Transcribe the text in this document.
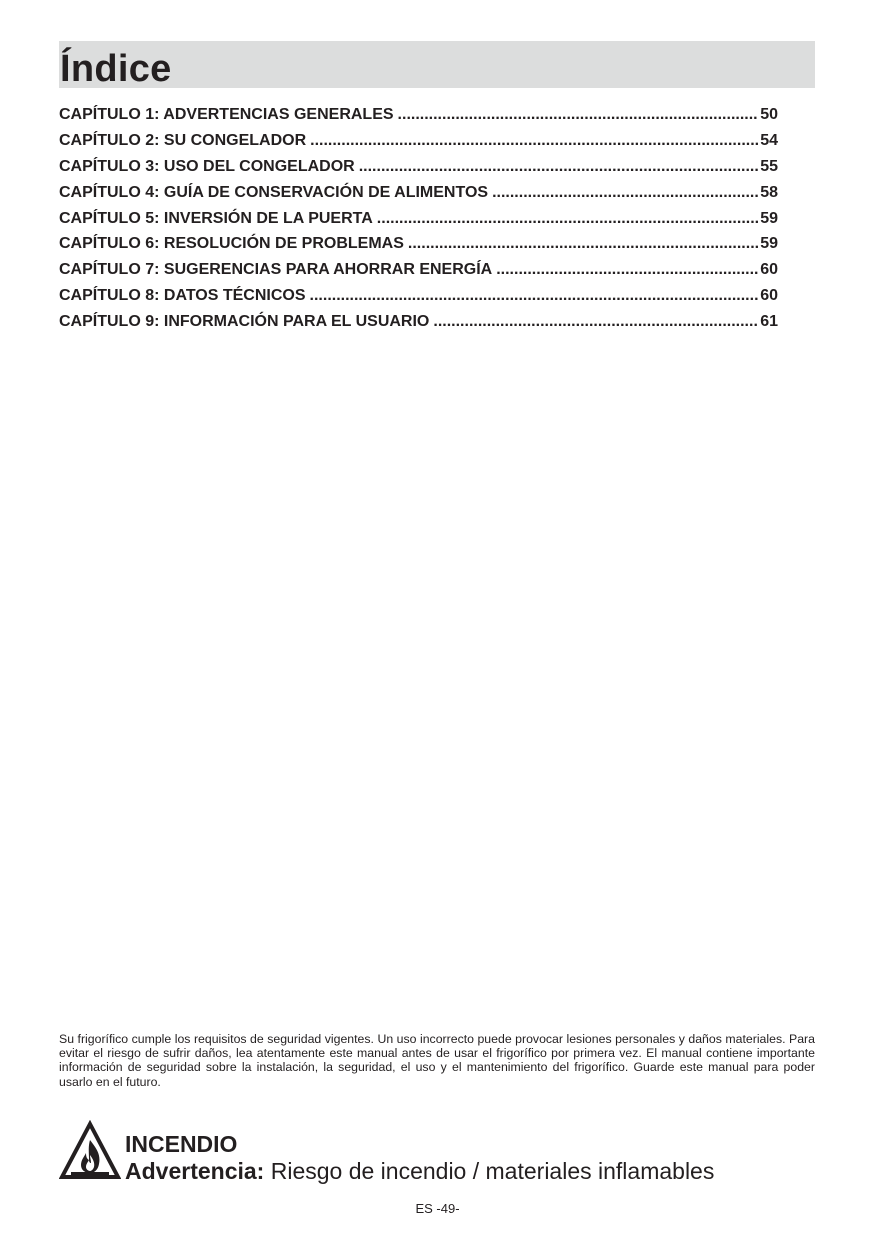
Índice
CAPÍTULO 1: ADVERTENCIAS GENERALES .....	50
CAPÍTULO 2: SU CONGELADOR .....	54
CAPÍTULO 3: USO DEL CONGELADOR .....	55
CAPÍTULO 4: GUÍA DE CONSERVACIÓN DE ALIMENTOS .....	58
CAPÍTULO 5: INVERSIÓN DE LA PUERTA .....	59
CAPÍTULO 6: RESOLUCIÓN DE PROBLEMAS .....	59
CAPÍTULO 7: SUGERENCIAS PARA AHORRAR ENERGÍA .....	60
CAPÍTULO 8: DATOS TÉCNICOS .....	60
CAPÍTULO 9: INFORMACIÓN PARA EL USUARIO .....	61

Su frigorífico cumple los requisitos de seguridad vigentes. Un uso incorrecto puede provocar lesiones personales y daños materiales. Para evitar el riesgo de sufrir daños, lea atentamente este manual antes de usar el frigorífico por primera vez. El manual contiene importante información de seguridad sobre la instalación, la seguridad, el uso y el mantenimiento del frigorífico. Guarde este manual para poder usarlo en el futuro.

INCENDIO
Advertencia: Riesgo de incendio / materiales inflamables
ES -49-
